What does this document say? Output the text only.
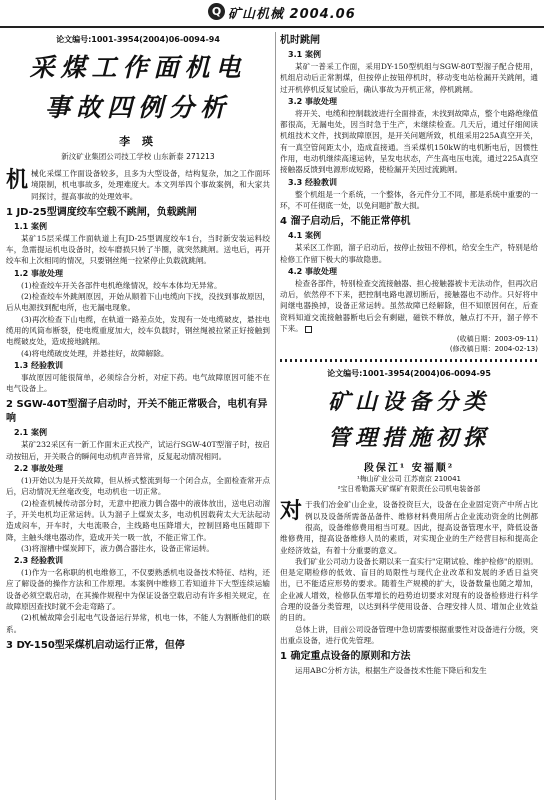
Q 矿山机械 2004.06
论文编号:1001-3954(2004)06-0094-94
采煤工作面机电
事故四例分析
李 瑛
新汶矿业集团公司技工学校 山东新泰 271213

机械化采煤工作面设备较多，且多为大型设备，结构复杂，加之工作面环境限制，机电事故多，处理难度大。本文列举四个事故案例，和大家共同探讨，提高事故的处理效率。

1 JD-25型调度绞车空载不跳闸，负载跳闸
1.1 案例

某矿15层采煤工作面轨道上有JD-25型调度绞车1台，当时新安装运料绞车，急需提运机电设备时，绞车磨损只转了半圈，就突然跳闸。送电后，再开绞车和上次相同的情况，只要钢丝绳一拉紧停止负载就跳闸。

1.2 事故处理

(1)检查绞车开关各部件电机绝缘情况，绞车本体均无异常。

(2)检查绞车外跳闸原因，开始从顺着下山电缆向下找，没找到事故原因，后从电源找到配电所，也无漏电现象。

(3)再次检查下山电缆，在轨道一路差点处，发现有一处电缆破皮，悬挂电缆用的风筒布断裂，使电缆重度加大，绞车负载时，钢丝绳被拉紧正好接触到电缆破皮处，造成接地跳闸。

(4)将电缆破皮处理，并悬挂好，故障解除。

1.3 经验教训

事故原因可能很简单，必须综合分析，对症下药。电气故障原因可能不在电气设备上。

2 SGW-40T型溜子启动时，开关不能正常吸合，电机有异响
2.1 案例

某矿232采区有一新工作面未正式投产，试运行SGW-40T型溜子时，按启动按钮后，开关吸合的瞬间电动机声音异常，反复起动情况相同。

2.2 事故处理

(1)开始以为是开关故障，但从桥式整流到每一个闭合点，全面检查常开点后，启动情况无丝毫改变，电动机也一切正常。

(2)检查机械传动部分时，无意中把液力偶合器中的液体放出，送电启动溜子，开关电机均正常运转。认为溜子上煤炭太多，电动机因载荷太大无法起动造成闷车，开车时，大电流吸合，主线路电压降增大，控制回路电压随即下降，主触头继电器动作，造成开关一吸一放，不能正常工作。

(3)将溜槽中煤炭卸下，液力偶合器注水，设备正常运转。

2.3 经验教训

(1)作为一名称职的机电维修工，不仅要熟悉机电设备技术特征、结构，还应了解设备的操作方法和工作原理。本案例中维修工若知道井下大型连续运输设备必须空载启动，在其操作规程中为保证设备空载启动有许多相关规定，在故障原因查找时就不会走弯路了。

(2)机械故障会引起电气设备运行异常，机电一体，不能人为割断他们的联系。

3 DY-150型采煤机启动运行正常，但停
机时跳闸
3.1 案例

某矿一普采工作面，采用DY-150型机组与SGW-80T型溜子配合使用，机组启动后正常割煤，但按停止按钮停机时，移动变电站检漏开关跳闸，通过开机停机反复试验后，确认事故为开机正常，停机跳闸。

3.2 事故处理

将开关、电缆和控制载波进行全面排查，未找到故障点，整个电路绝缘值都很高，无漏电处，因当时急于生产，未继续检查。几天后，通过仔细阅读机组技术文件，找到故障原因，是开关问题所致，机组采用225A真空开关，有一真空管间距太小，造成直接通。当采煤机150kW的电机断电后，因惯性作用，电动机继续高速运转，呈发电状态，产生高电压电流，通过225A真空接触器反馈到电源形成短路，使检漏开关因过流跳闸。

3.3 经验教训

整个机组是一个系统，一个整体，各元件分工不同，都是系统中重要的一环，不可任彻底一处，以免问题扩散大损。

4 溜子启动后，不能正常停机
4.1 案例

某采区工作面，溜子启动后，按停止按钮不停机，给安全生产，特别是给检修工作留下极大的事故隐患。

4.2 事故处理

检查各部件，特别检查交流接触器、担心接触器被卡无法动作，但再次启动后，依然停不下来，把控制电路电源切断后，接触器也不动作。只好将中间继电器换掉，设备正常运转。虽然故障已经解除，但不知原因何在，后查资料知道交流接触器断电后会有剩磁，磁铁不释放，触点打不开，溜子停不下来。

(收稿日期：2003-09-11)
(修改稿日期：2004-02-13)
论文编号:1001-3954(2004)06-0094-95
矿山设备分类
管理措施初探
段保江¹ 安福顺²
¹梅山矿业公司 江苏南京 210041
²宝日希勒露天矿煤矿有限责任公司机电装备部

对于我们冶金矿山企业，设备投资巨大，设备在企业固定资产中所占比例以及设备所需备品备件、维修材料费用所占企业流动资金的比例都很高，设备维修费用相当可观。因此，提高设备管理水平，降低设备维修费用，提高设备维修人员的素质，对实现企业的生产经营目标和提高企业经济效益，有着十分重要的意义。

我们矿业公司动力设备长期以来一直实行"定期试验、维护检修"的原则。但是定期检修的低效、盲目的局限性与现代企业改革和发展的矛盾日益突出，已不能适应形势的要求。随着生产规模的扩大，设备数量也随之增加，企业减人增效，检修队伍零增长的趋势迫切要求对现有的设备检修进行科学合理的设备分类管理，以达到科学使用设备、合理安排人员、增加企业效益的目的。

总体上讲，目前公司设备管理中急切需要根据重要性对设备进行分级，突出重点设备，进行优先管理。

1 确定重点设备的原则和方法

运用ABC分析方法，根据生产设备技术性能下降后和发生
